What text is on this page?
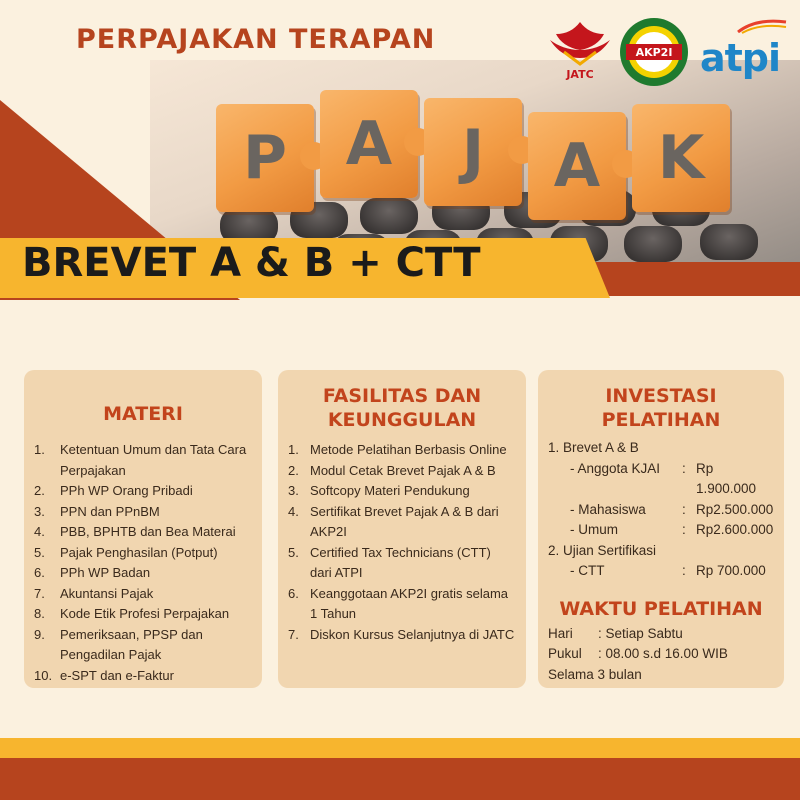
PERPAJAKAN TERAPAN
P A	J	A K
JATC
AKP2I atpi
BREVET A & B + CTT
MATERI
1.	Ketentuan Umum dan Tata Cara Perpajakan
2.	PPh WP Orang Pribadi
3.	PPN dan PPnBM
4.	PBB, BPHTB dan Bea Materai
5.	Pajak Penghasilan (Potput)
6.	PPh WP Badan
7.	Akuntansi Pajak
8.	Kode Etik Profesi Perpajakan
9.	Pemeriksaan, PPSP dan Pengadilan Pajak
10. e-SPT dan e-Faktur
FASILITAS DAN KEUNGGULAN
1. Metode Pelatihan Berbasis Online
2. Modul Cetak Brevet Pajak A & B
3. Softcopy Materi Pendukung
4. Sertifikat Brevet Pajak A & B dari AKP2I
5. Certified Tax Technicians (CTT) dari ATPI
6. Keanggotaan AKP2I gratis selama 1 Tahun
7. Diskon Kursus Selanjutnya di JATC
INVESTASI PELATIHAN
1. Brevet A & B
- Anggota KJAI	: Rp 1.900.000
- Mahasiswa	: Rp2.500.000
- Umum	: Rp2.600.000
2. Ujian Sertifikasi
- CTT	: Rp 700.000
WAKTU PELATIHAN
Hari	: Setiap Sabtu
Pukul	: 08.00 s.d 16.00 WIB
Selama 3 bulan
